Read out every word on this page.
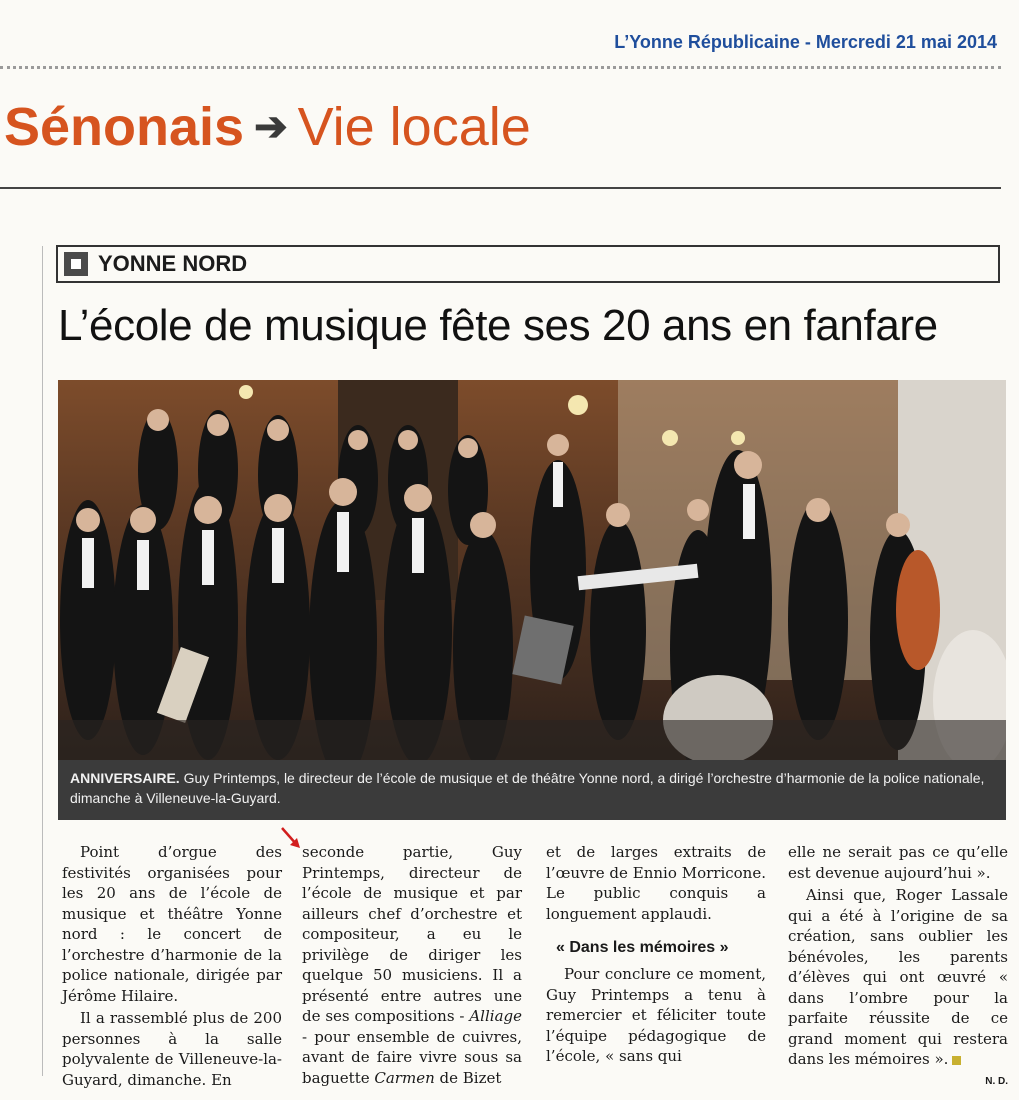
L’Yonne Républicaine - Mercredi 21 mai 2014
Sénonais ➔ Vie locale
YONNE NORD
L’école de musique fête ses 20 ans en fanfare
ANNIVERSAIRE. Guy Printemps, le directeur de l’école de musique et de théâtre Yonne nord, a dirigé l’orchestre d’harmonie de la police nationale, dimanche à Villeneuve-la-Guyard.

Point d’orgue des festivités organisées pour les 20 ans de l’école de musique et théâtre Yonne nord : le concert de l’orchestre d’harmonie de la police nationale, dirigée par Jérôme Hilaire.

Il a rassemblé plus de 200 personnes à la salle polyvalente de Villeneuve-la-Guyard, dimanche. En

seconde partie, Guy Printemps, directeur de l’école de musique et par ailleurs chef d’orchestre et compositeur, a eu le privilège de diriger les quelque 50 musiciens. Il a présenté entre autres une de ses compositions - Alliage - pour ensemble de cuivres, avant de faire vivre sous sa baguette Carmen de Bizet

et de larges extraits de l’œuvre de Ennio Morricone. Le public conquis a longuement applaudi.

« Dans les mémoires »

Pour conclure ce moment, Guy Printemps a tenu à remercier et féliciter toute l’équipe pédagogique de l’école, « sans qui

elle ne serait pas ce qu’elle est devenue aujourd’hui ».

Ainsi que, Roger Lassale qui a été à l’origine de sa création, sans oublier les bénévoles, les parents d’élèves qui ont œuvré « dans l’ombre pour la parfaite réussite de ce grand moment qui restera dans les mémoires ».

N. D.
